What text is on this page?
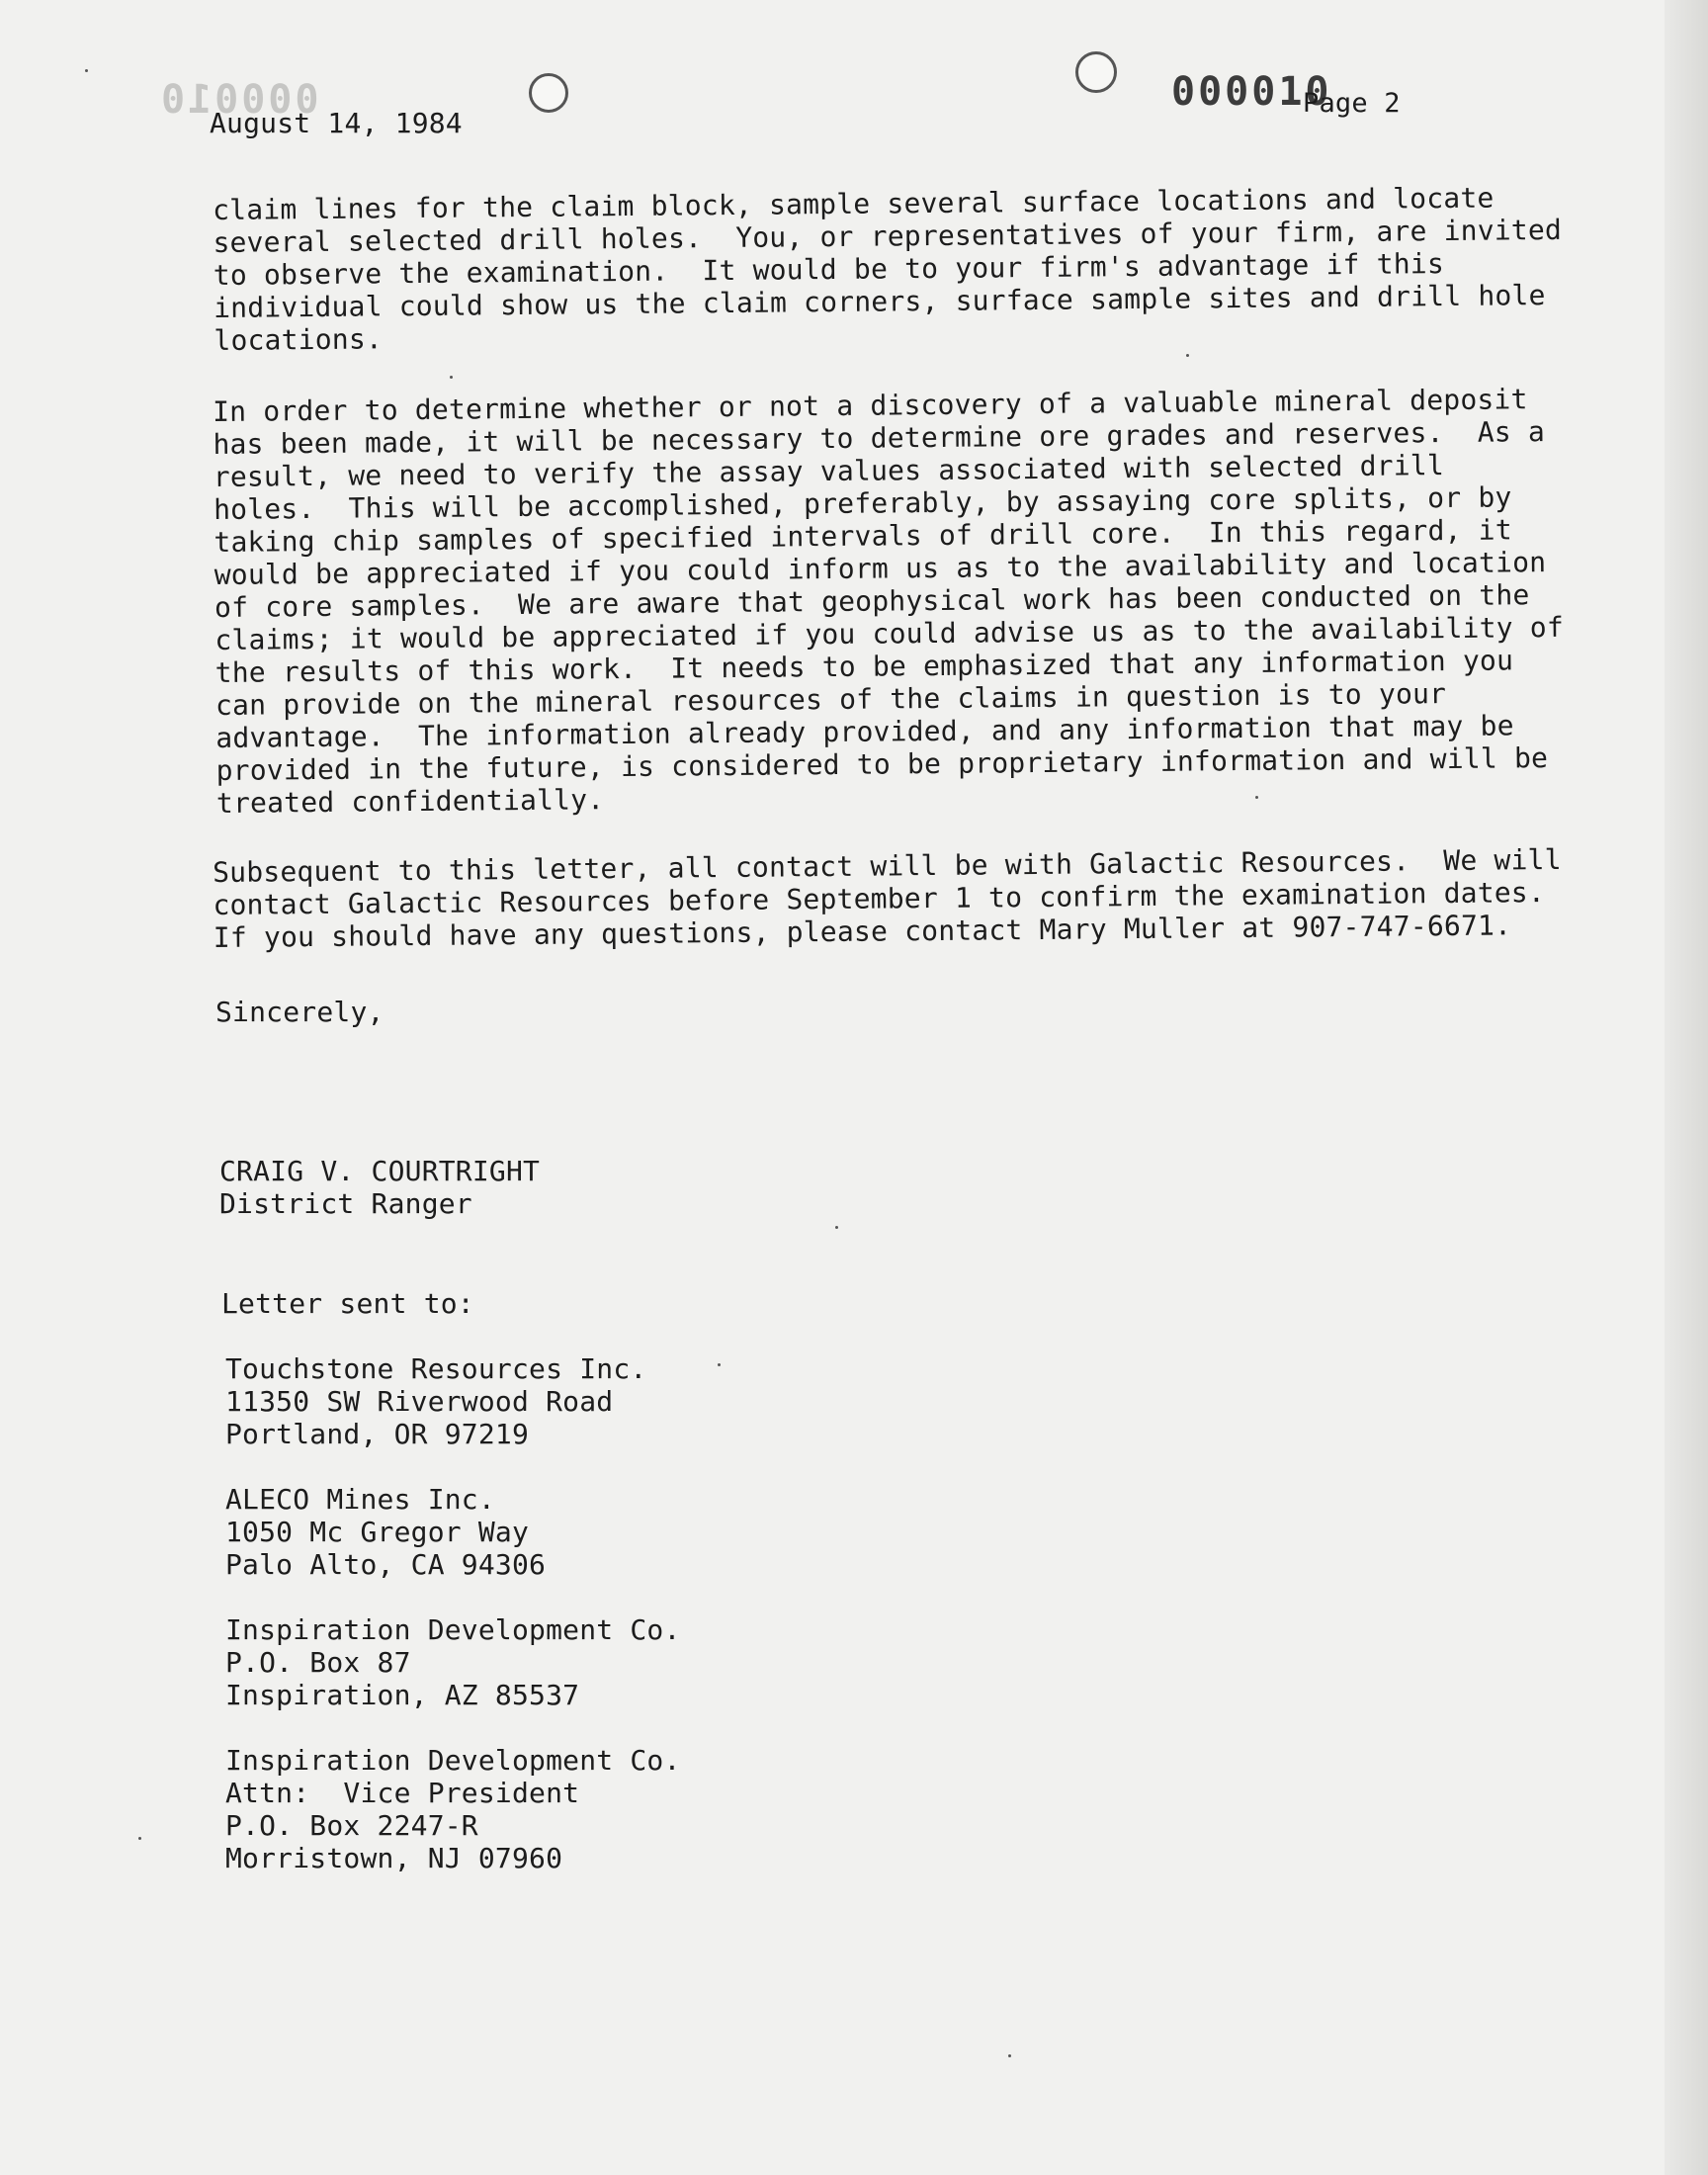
000010	000010
August 14, 1984
Page 2
claim lines for the claim block, sample several surface locations and locate
several selected drill holes.  You, or representatives of your firm, are invited
to observe the examination.  It would be to your firm's advantage if this
individual could show us the claim corners, surface sample sites and drill hole
locations.
In order to determine whether or not a discovery of a valuable mineral deposit
has been made, it will be necessary to determine ore grades and reserves.  As a
result, we need to verify the assay values associated with selected drill
holes.  This will be accomplished, preferably, by assaying core splits, or by
taking chip samples of specified intervals of drill core.  In this regard, it
would be appreciated if you could inform us as to the availability and location
of core samples.  We are aware that geophysical work has been conducted on the
claims; it would be appreciated if you could advise us as to the availability of
the results of this work.  It needs to be emphasized that any information you
can provide on the mineral resources of the claims in question is to your
advantage.  The information already provided, and any information that may be
provided in the future, is considered to be proprietary information and will be
treated confidentially.
Subsequent to this letter, all contact will be with Galactic Resources.  We will
contact Galactic Resources before September 1 to confirm the examination dates.
If you should have any questions, please contact Mary Muller at 907-747-6671.
Sincerely,
CRAIG V. COURTRIGHT
District Ranger
Letter sent to:
Touchstone Resources Inc.
11350 SW Riverwood Road
Portland, OR 97219
ALECO Mines Inc.
1050 Mc Gregor Way
Palo Alto, CA 94306
Inspiration Development Co.
P.O. Box 87
Inspiration, AZ 85537
Inspiration Development Co.
Attn:  Vice President
P.O. Box 2247-R
Morristown, NJ 07960
